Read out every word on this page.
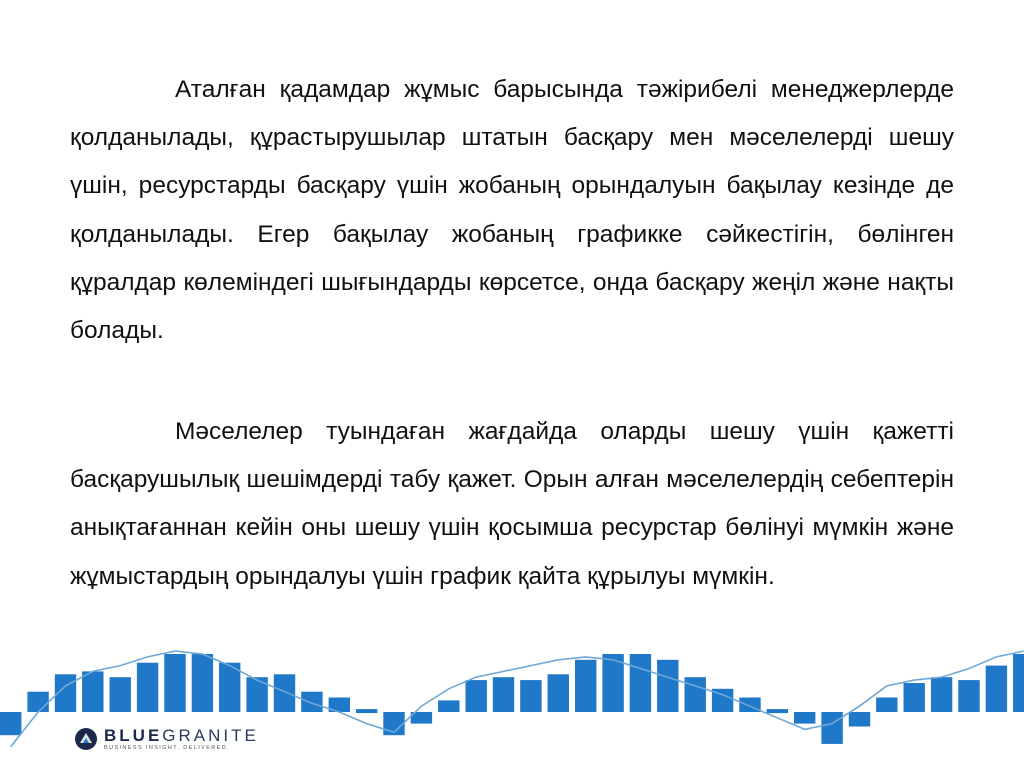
Аталған қадамдар жұмыс барысында тәжірибелі менеджерлерде қолданылады, құрастырушылар штатын басқару мен мәселелерді шешу үшін, ресурстарды басқару үшін жобаның орындалуын бақылау кезінде де қолданылады. Егер бақылау жобаның графикке сәйкестігін, бөлінген құралдар көлеміндегі шығындарды көрсетсе, онда басқару жеңіл және нақты болады.
Мәселелер туындаған жағдайда оларды шешу үшін қажетті басқарушылық шешімдерді табу қажет. Орын алған мәселелердің себептерін анықтағаннан кейін оны шешу үшін қосымша ресурстар бөлінуі мүмкін және жұмыстардың орындалуы үшін график қайта құрылуы мүмкін.
BLUEGRANITE
BUSINESS INSIGHT. DELIVERED.
